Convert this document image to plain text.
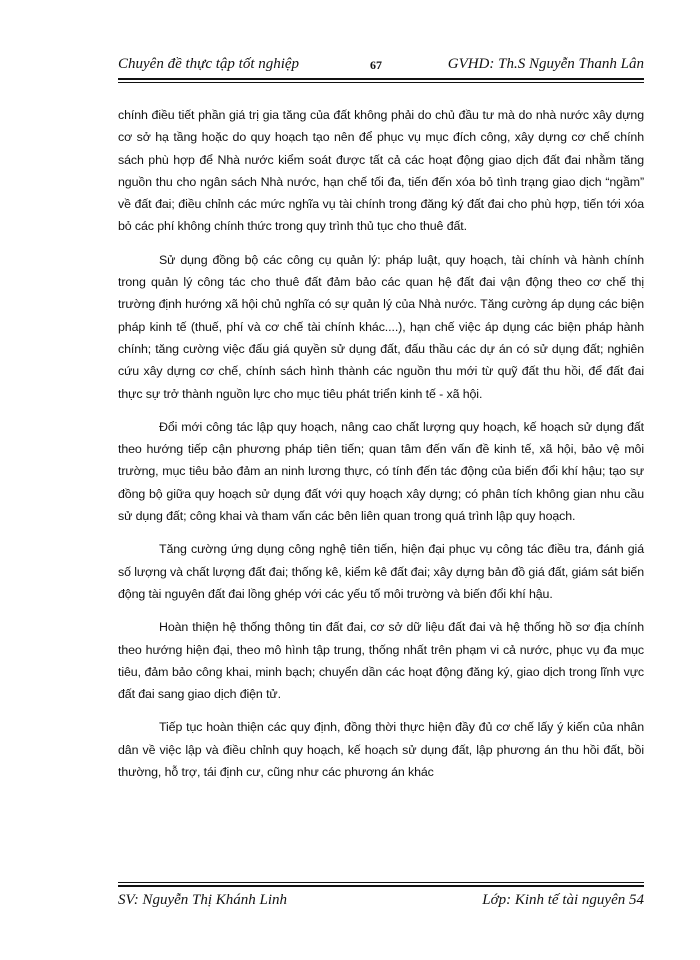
Chuyên đề thực tập tốt nghiệp	67	GVHD: Th.S Nguyễn Thanh Lân

chính điều tiết phần giá trị gia tăng của đất không phải do chủ đầu tư mà do nhà nước xây dựng cơ sở hạ tầng hoặc do quy hoạch tạo nên để phục vụ mục đích công, xây dựng cơ chế chính sách phù hợp để Nhà nước kiểm soát được tất cả các hoạt động giao dịch đất đai nhằm tăng nguồn thu cho ngân sách Nhà nước, hạn chế tối đa, tiến đến xóa bỏ tình trạng giao dịch “ngầm” về đất đai; điều chỉnh các mức nghĩa vụ tài chính trong đăng ký đất đai cho phù hợp, tiến tới xóa bỏ các phí không chính thức trong quy trình thủ tục cho thuê đất.

Sử dụng đồng bộ các công cụ quản lý: pháp luật, quy hoạch, tài chính và hành chính trong quản lý công tác cho thuê đất đảm bảo các quan hệ đất đai vận động theo cơ chế thị trường định hướng xã hội chủ nghĩa có sự quản lý của Nhà nước. Tăng cường áp dụng các biện pháp kinh tế (thuế, phí và cơ chế tài chính khác....), hạn chế việc áp dụng các biện pháp hành chính; tăng cường việc đấu giá quyền sử dụng đất, đấu thầu các dự án có sử dụng đất; nghiên cứu xây dựng cơ chế, chính sách hình thành các nguồn thu mới từ quỹ đất thu hồi, để đất đai thực sự trở thành nguồn lực cho mục tiêu phát triển kinh tế - xã hội.

Đổi mới công tác lập quy hoạch, nâng cao chất lượng quy hoạch, kế hoạch sử dụng đất theo hướng tiếp cận phương pháp tiên tiến; quan tâm đến vấn đề kinh tế, xã hội, bảo vệ môi trường, mục tiêu bảo đảm an ninh lương thực, có tính đến tác động của biến đổi khí hậu; tạo sự đồng bộ giữa quy hoạch sử dụng đất với quy hoạch xây dựng; có phân tích không gian nhu cầu sử dụng đất; công khai và tham vấn các bên liên quan trong quá trình lập quy hoạch.

Tăng cường ứng dụng công nghệ tiên tiến, hiện đại phục vụ công tác điều tra, đánh giá số lượng và chất lượng đất đai; thống kê, kiểm kê đất đai; xây dựng bản đồ giá đất, giám sát biến động tài nguyên đất đai lồng ghép với các yếu tố môi trường và biến đổi khí hậu.

Hoàn thiện hệ thống thông tin đất đai, cơ sở dữ liệu đất đai và hệ thống hồ sơ địa chính theo hướng hiện đại, theo mô hình tập trung, thống nhất trên phạm vi cả nước, phục vụ đa mục tiêu, đảm bảo công khai, minh bạch; chuyển dần các hoạt động đăng ký, giao dịch trong lĩnh vực đất đai sang giao dịch điện tử.

Tiếp tục hoàn thiện các quy định, đồng thời thực hiện đầy đủ cơ chế lấy ý kiến của nhân dân về việc lập và điều chỉnh quy hoạch, kế hoạch sử dụng đất, lập phương án thu hồi đất, bồi thường, hỗ trợ, tái định cư, cũng như các phương án khác

SV: Nguyễn Thị Khánh Linh	Lớp: Kinh tế tài nguyên 54
